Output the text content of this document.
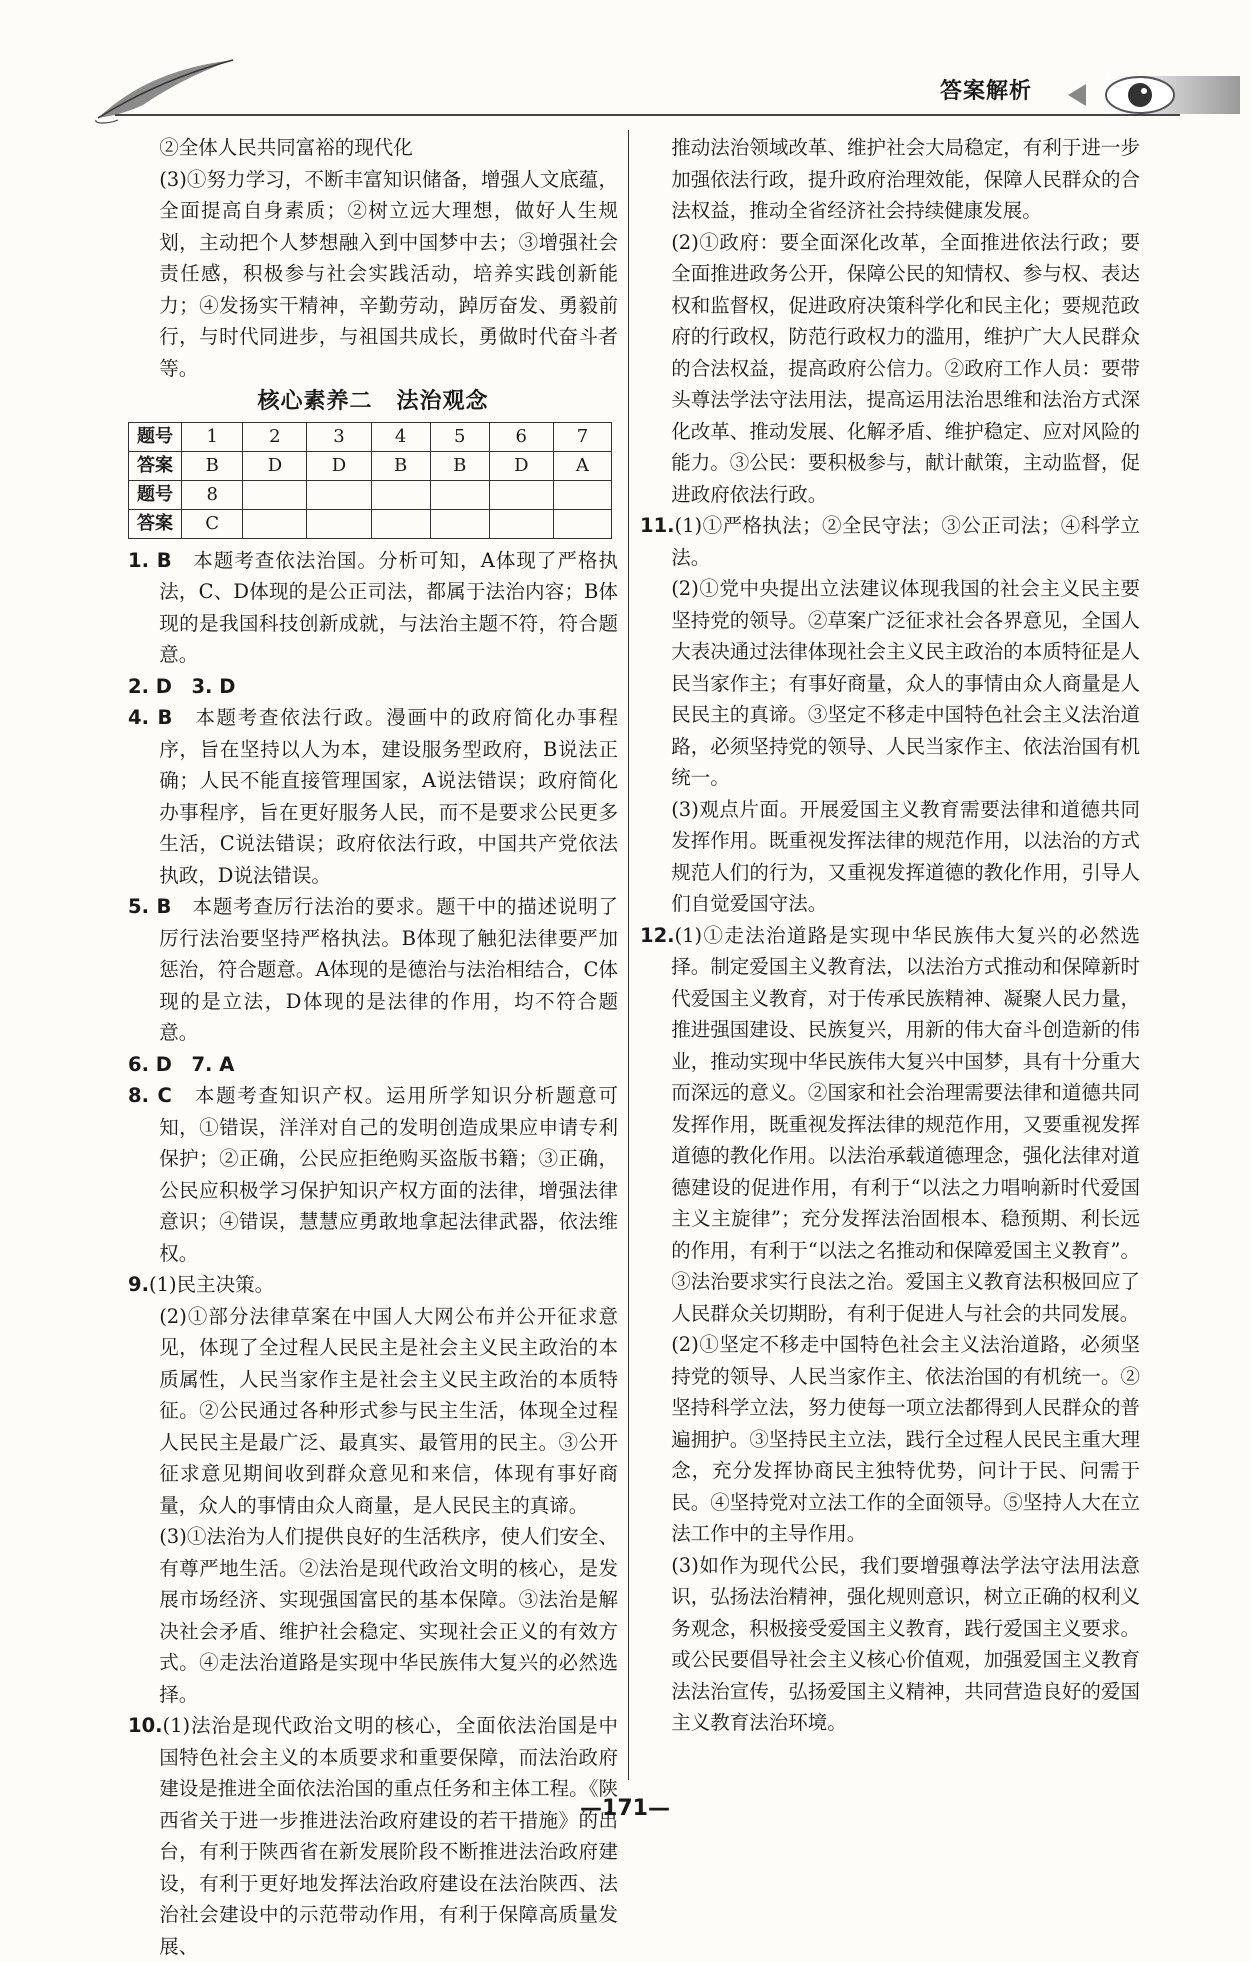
答案解析

②全体人民共同富裕的现代化

(3)①努力学习，不断丰富知识储备，增强人文底蕴，全面提高自身素质；②树立远大理想，做好人生规划，主动把个人梦想融入到中国梦中去；③增强社会责任感，积极参与社会实践活动，培养实践创新能力；④发扬实干精神，辛勤劳动，踔厉奋发、勇毅前行，与时代同进步，与祖国共成长，勇做时代奋斗者等。

核心素养二 法治观念
题号	1	2	3	4	5	6	7
答案	B	D	D	B	B	D	A
题号	8						
答案	C						

1. B　 本题考查依法治国。分析可知，A体现了严格执法，C、D体现的是公正司法，都属于法治内容；B体现的是我国科技创新成就，与法治主题不符，符合题意。

2. D　3. D

4. B　 本题考查依法行政。漫画中的政府简化办事程序，旨在坚持以人为本，建设服务型政府，B说法正确；人民不能直接管理国家，A说法错误；政府简化办事程序，旨在更好服务人民，而不是要求公民更多生活，C说法错误；政府依法行政，中国共产党依法执政，D说法错误。

5. B　 本题考查厉行法治的要求。题干中的描述说明了厉行法治要坚持严格执法。B体现了触犯法律要严加惩治，符合题意。A体现的是德治与法治相结合，C体现的是立法，D体现的是法律的作用，均不符合题意。

6. D　7. A

8. C　 本题考查知识产权。运用所学知识分析题意可知，①错误，洋洋对自己的发明创造成果应申请专利保护；②正确，公民应拒绝购买盗版书籍；③正确，公民应积极学习保护知识产权方面的法律，增强法律意识；④错误，慧慧应勇敢地拿起法律武器，依法维权。

9.(1)民主决策。

(2)①部分法律草案在中国人大网公布并公开征求意见，体现了全过程人民民主是社会主义民主政治的本质属性，人民当家作主是社会主义民主政治的本质特征。②公民通过各种形式参与民主生活，体现全过程人民民主是最广泛、最真实、最管用的民主。③公开征求意见期间收到群众意见和来信，体现有事好商量，众人的事情由众人商量，是人民民主的真谛。

(3)①法治为人们提供良好的生活秩序，使人们安全、有尊严地生活。②法治是现代政治文明的核心，是发展市场经济、实现强国富民的基本保障。③法治是解决社会矛盾、维护社会稳定、实现社会正义的有效方式。④走法治道路是实现中华民族伟大复兴的必然选择。

10.(1)法治是现代政治文明的核心，全面依法治国是中国特色社会主义的本质要求和重要保障，而法治政府建设是推进全面依法治国的重点任务和主体工程。《陕西省关于进一步推进法治政府建设的若干措施》的出台，有利于陕西省在新发展阶段不断推进法治政府建设，有利于更好地发挥法治政府建设在法治陕西、法治社会建设中的示范带动作用，有利于保障高质量发展、

推动法治领域改革、维护社会大局稳定，有利于进一步加强依法行政，提升政府治理效能，保障人民群众的合法权益，推动全省经济社会持续健康发展。

(2)①政府：要全面深化改革，全面推进依法行政；要全面推进政务公开，保障公民的知情权、参与权、表达权和监督权，促进政府决策科学化和民主化；要规范政府的行政权，防范行政权力的滥用，维护广大人民群众的合法权益，提高政府公信力。②政府工作人员：要带头尊法学法守法用法，提高运用法治思维和法治方式深化改革、推动发展、化解矛盾、维护稳定、应对风险的能力。③公民：要积极参与，献计献策，主动监督，促进政府依法行政。

11.(1)①严格执法；②全民守法；③公正司法；④科学立法。

(2)①党中央提出立法建议体现我国的社会主义民主要坚持党的领导。②草案广泛征求社会各界意见，全国人大表决通过法律体现社会主义民主政治的本质特征是人民当家作主；有事好商量，众人的事情由众人商量是人民民主的真谛。③坚定不移走中国特色社会主义法治道路，必须坚持党的领导、人民当家作主、依法治国有机统一。

(3)观点片面。开展爱国主义教育需要法律和道德共同发挥作用。既重视发挥法律的规范作用，以法治的方式规范人们的行为，又重视发挥道德的教化作用，引导人们自觉爱国守法。

12.(1)①走法治道路是实现中华民族伟大复兴的必然选择。制定爱国主义教育法，以法治方式推动和保障新时代爱国主义教育，对于传承民族精神、凝聚人民力量，推进强国建设、民族复兴，用新的伟大奋斗创造新的伟业，推动实现中华民族伟大复兴中国梦，具有十分重大而深远的意义。②国家和社会治理需要法律和道德共同发挥作用，既重视发挥法律的规范作用，又要重视发挥道德的教化作用。以法治承载道德理念，强化法律对道德建设的促进作用，有利于“以法之力唱响新时代爱国主义主旋律”；充分发挥法治固根本、稳预期、利长远的作用，有利于“以法之名推动和保障爱国主义教育”。③法治要求实行良法之治。爱国主义教育法积极回应了人民群众关切期盼，有利于促进人与社会的共同发展。

(2)①坚定不移走中国特色社会主义法治道路，必须坚持党的领导、人民当家作主、依法治国的有机统一。②坚持科学立法，努力使每一项立法都得到人民群众的普遍拥护。③坚持民主立法，践行全过程人民民主重大理念，充分发挥协商民主独特优势，问计于民、问需于民。④坚持党对立法工作的全面领导。⑤坚持人大在立法工作中的主导作用。

(3)如作为现代公民，我们要增强尊法学法守法用法意识，弘扬法治精神，强化规则意识，树立正确的权利义务观念，积极接受爱国主义教育，践行爱国主义要求。或公民要倡导社会主义核心价值观，加强爱国主义教育法法治宣传，弘扬爱国主义精神，共同营造良好的爱国主义教育法治环境。

—171—
